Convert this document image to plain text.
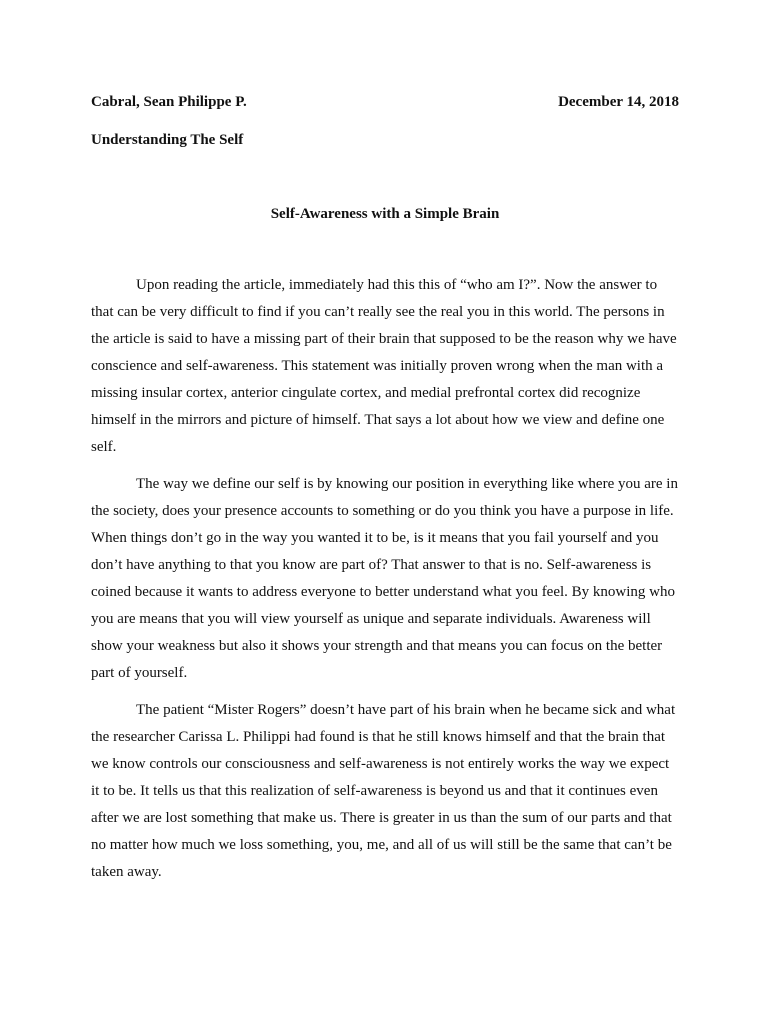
Cabral, Sean Philippe P.	December 14, 2018
Understanding The Self
Self-Awareness with a Simple Brain

Upon reading the article, immediately had this this of “who am I?”. Now the answer to that can be very difficult to find if you can’t really see the real you in this world. The persons in the article is said to have a missing part of their brain that supposed to be the reason why we have conscience and self-awareness. This statement was initially proven wrong when the man with a missing insular cortex, anterior cingulate cortex, and medial prefrontal cortex did recognize himself in the mirrors and picture of himself. That says a lot about how we view and define one self.

The way we define our self is by knowing our position in everything like where you are in the society, does your presence accounts to something or do you think you have a purpose in life. When things don’t go in the way you wanted it to be, is it means that you fail yourself and you don’t have anything to that you know are part of? That answer to that is no. Self-awareness is coined because it wants to address everyone to better understand what you feel. By knowing who you are means that you will view yourself as unique and separate individuals. Awareness will show your weakness but also it shows your strength and that means you can focus on the better part of yourself.

The patient “Mister Rogers” doesn’t have part of his brain when he became sick and what the researcher Carissa L. Philippi had found is that he still knows himself and that the brain that we know controls our consciousness and self-awareness is not entirely works the way we expect it to be. It tells us that this realization of self-awareness is beyond us and that it continues even after we are lost something that make us. There is greater in us than the sum of our parts and that no matter how much we loss something, you, me, and all of us will still be the same that can’t be taken away.
